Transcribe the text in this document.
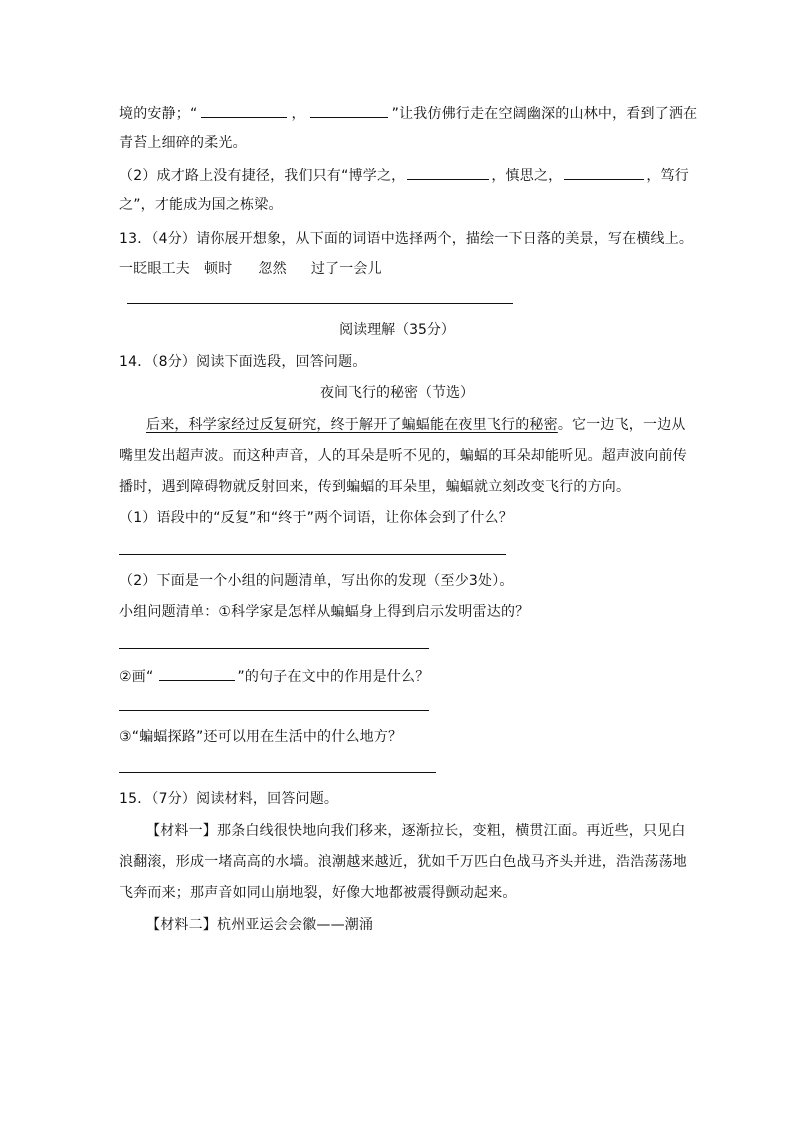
境的安静；“	，	”让我仿佛行走在空阔幽深的山林中，看到了洒在
青苔上细碎的柔光。
（2）成才路上没有捷径，我们只有“博学之，	，慎思之，	，笃行
之”，才能成为国之栋梁。
13．（4分）请你展开想象，从下面的词语中选择两个，描绘一下日落的美景，写在横线上。
一眨眼工夫 顿时 忽然 过了一会儿
阅读理解（35分）
14．（8分）阅读下面选段，回答问题。
夜间飞行的秘密（节选）
后来，科学家经过反复研究，终于解开了蝙蝠能在夜里飞行的秘密。它一边飞，一边从
嘴里发出超声波。而这种声音，人的耳朵是听不见的，蝙蝠的耳朵却能听见。超声波向前传
播时，遇到障碍物就反射回来，传到蝙蝠的耳朵里，蝙蝠就立刻改变飞行的方向。
（1）语段中的“反复”和“终于”两个词语，让你体会到了什么？
（2）下面是一个小组的问题清单，写出你的发现（至少3处）。
小组问题清单：①科学家是怎样从蝙蝠身上得到启示发明雷达的？
②画“	”的句子在文中的作用是什么？
③“蝙蝠探路”还可以用在生活中的什么地方？
15．（7分）阅读材料，回答问题。
【材料一】那条白线很快地向我们移来，逐渐拉长，变粗，横贯江面。再近些，只见白
浪翻滚，形成一堵高高的水墙。浪潮越来越近，犹如千万匹白色战马齐头并进，浩浩荡荡地
飞奔而来；那声音如同山崩地裂，好像大地都被震得颤动起来。
【材料二】杭州亚运会会徽——潮涌
